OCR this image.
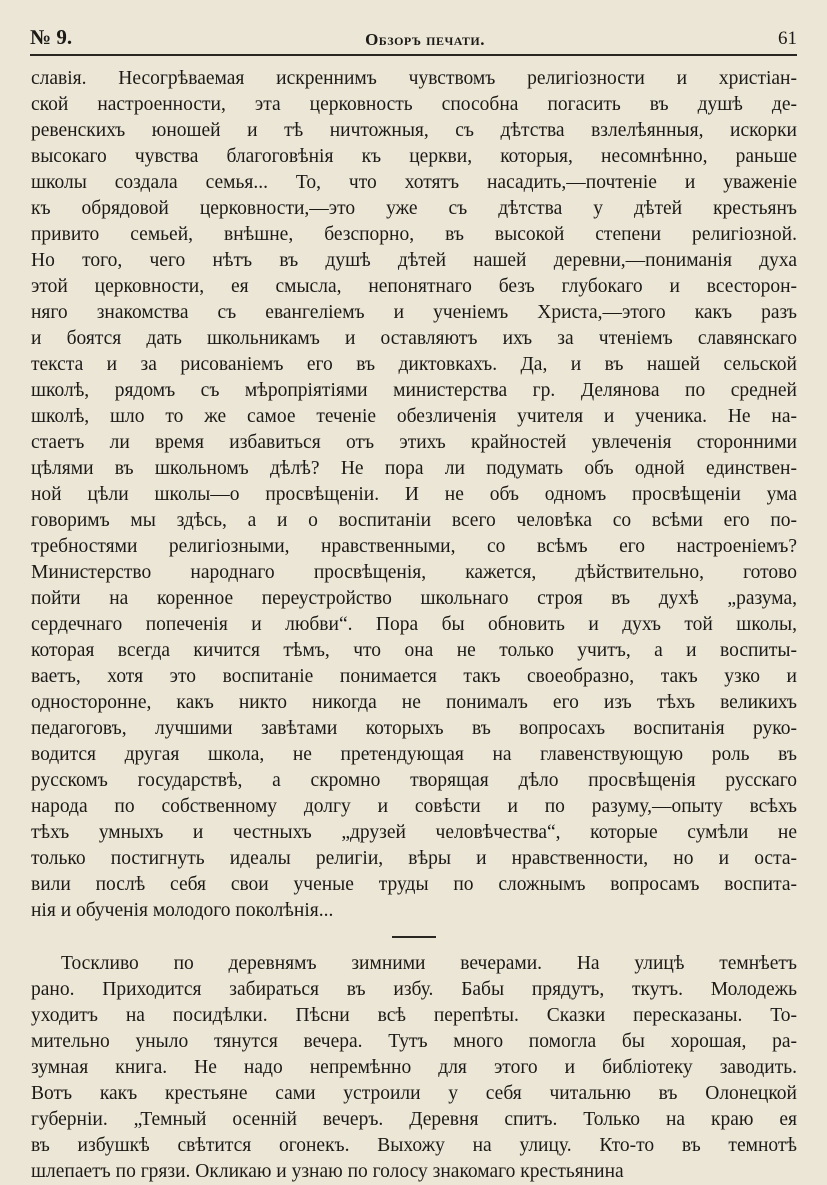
№ 9.	Обзоръ печати.	61
славія. Несогрѣваемая искреннимъ чувствомъ религіозности и христіан-
ской настроенности, эта церковность способна погасить въ душѣ де-
ревенскихъ юношей и тѣ ничтожныя, съ дѣтства взлелѣянныя, искорки
высокаго чувства благоговѣнія къ церкви, которыя, несомнѣнно, раньше
школы создала семья... То, что хотятъ насадить,—почтеніе и уваженіе
къ обрядовой церковности,—это уже съ дѣтства у дѣтей крестьянъ
привито семьей, внѣшне, безспорно, въ высокой степени религіозной.
Но того, чего нѣтъ въ душѣ дѣтей нашей деревни,—пониманія духа
этой церковности, ея смысла, непонятнаго безъ глубокаго и всесторон-
няго знакомства съ евангеліемъ и ученіемъ Христа,—этого какъ разъ
и боятся дать школьникамъ и оставляютъ ихъ за чтеніемъ славянскаго
текста и за рисованіемъ его въ диктовкахъ. Да, и въ нашей сельской
школѣ, рядомъ съ мѣропріятіями министерства гр. Делянова по средней
школѣ, шло то же самое теченіе обезличенія учителя и ученика. Не на-
стаетъ ли время избавиться отъ этихъ крайностей увлеченія сторонними
цѣлями въ школьномъ дѣлѣ? Не пора ли подумать объ одной единствен-
ной цѣли школы—о просвѣщеніи. И не объ одномъ просвѣщеніи ума
говоримъ мы здѣсь, а и о воспитаніи всего человѣка со всѣми его по-
требностями религіозными, нравственными, со всѣмъ его настроеніемъ?
Министерство народнаго просвѣщенія, кажется, дѣйствительно, готово
пойти на коренное переустройство школьнаго строя въ духѣ „разума,
сердечнаго попеченія и любви“. Пора бы обновить и духъ той школы,
которая всегда кичится тѣмъ, что она не только учитъ, а и воспиты-
ваетъ, хотя это воспитаніе понимается такъ своеобразно, такъ узко и
односторонне, какъ никто никогда не понималъ его изъ тѣхъ великихъ
педагоговъ, лучшими завѣтами которыхъ въ вопросахъ воспитанія руко-
водится другая школа, не претендующая на главенствующую роль въ
русскомъ государствѣ, а скромно творящая дѣло просвѣщенія русскаго
народа по собственному долгу и совѣсти и по разуму,—опыту всѣхъ
тѣхъ умныхъ и честныхъ „друзей человѣчества“, которые сумѣли не
только постигнуть идеалы религіи, вѣры и нравственности, но и оста-
вили послѣ себя свои ученые труды по сложнымъ вопросамъ воспита-
нія и обученія молодого поколѣнія...
Тоскливо по деревнямъ зимними вечерами. На улицѣ темнѣетъ
рано. Приходится забираться въ избу. Бабы прядутъ, ткутъ. Молодежь
уходитъ на посидѣлки. Пѣсни всѣ перепѣты. Сказки пересказаны. То-
мительно уныло тянутся вечера. Тутъ много помогла бы хорошая, ра-
зумная книга. Не надо непремѣнно для этого и библіотеку заводить.
Вотъ какъ крестьяне сами устроили у себя читальню въ Олонецкой
губерніи. „Темный осенній вечеръ. Деревня спитъ. Только на краю ея
въ избушкѣ свѣтится огонекъ. Выхожу на улицу. Кто-то въ темнотѣ
шлепаетъ по грязи. Окликаю и узнаю по голосу знакомаго крестьянина
